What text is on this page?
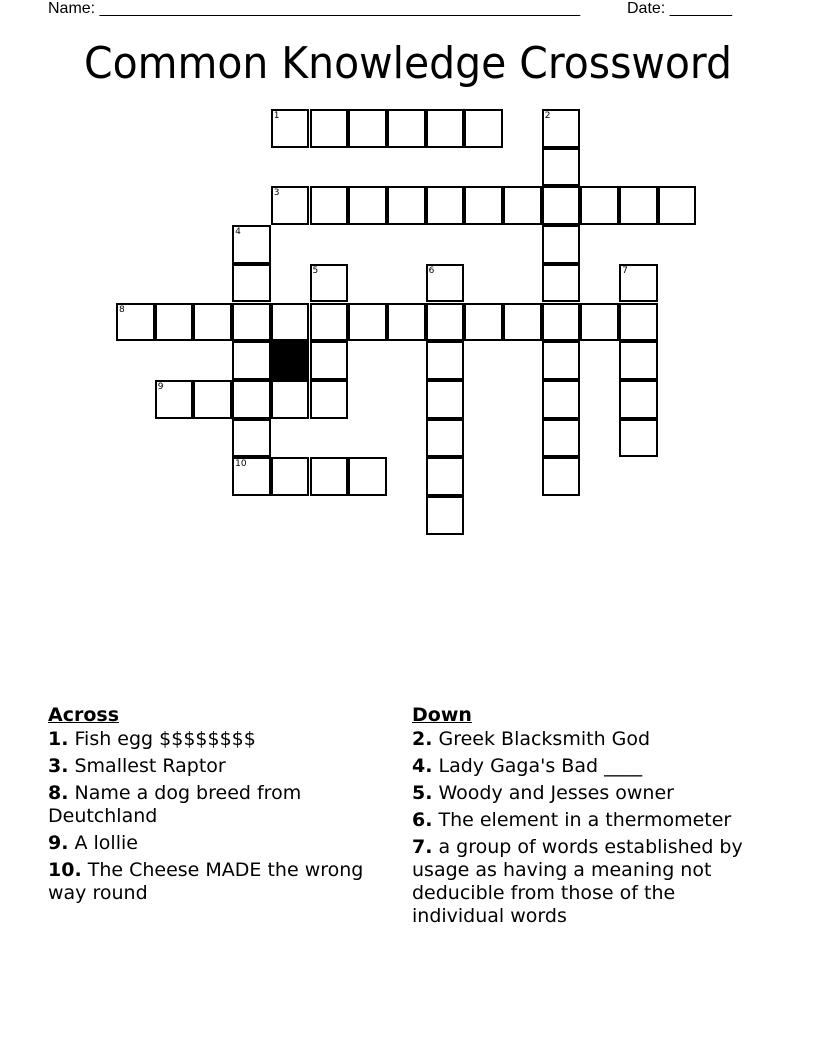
Name: ______________________________________________________	Date: _______
Common Knowledge Crossword
1	2
3
4
5	6	7
8
9
10
Across
1. Fish egg $$$$$$$$
3. Smallest Raptor
8. Name a dog breed from Deutchland
9. A lollie
10. The Cheese MADE the wrong way round
Down
2. Greek Blacksmith God
4. Lady Gaga's Bad ____
5. Woody and Jesses owner
6. The element in a thermometer
7. a group of words established by usage as having a meaning not deducible from those of the individual words
